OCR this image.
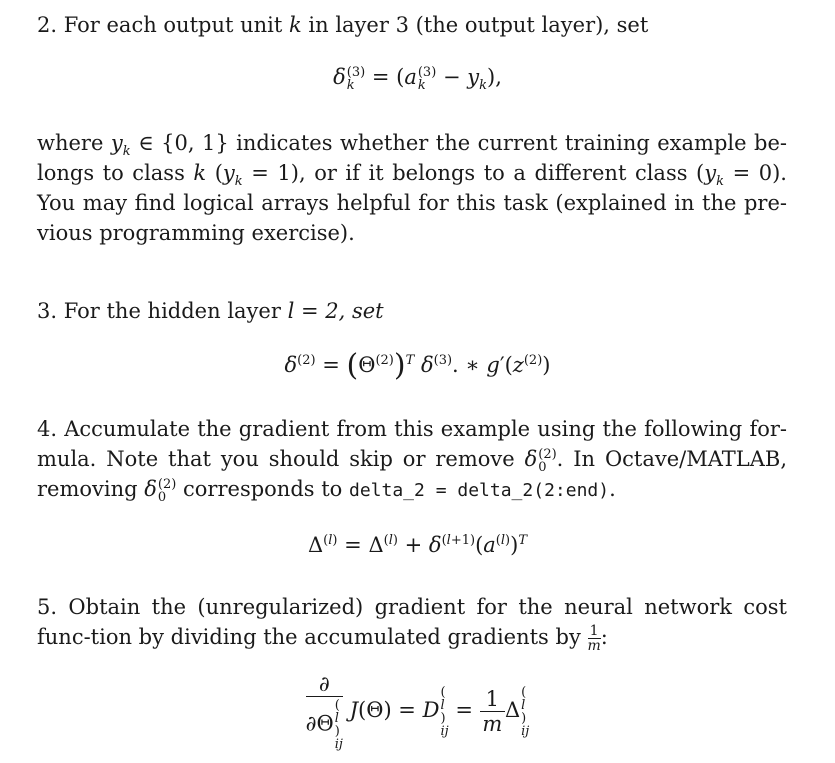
2. For each output unit k in layer 3 (the output layer), set

δ (3)
k = (a (3)
$k - y_k$),

where $y_k$ ∈ {0, 1} indicates whether the current training example be-longs to class k $(y_k = 1)$, or if it belongs to a different class $(y_k = 0)$. You may find logical arrays helpful for this task (explained in the pre-vious programming exercise).

3. For the hidden layer l = 2, set

$\delta^{(2)} = (\Theta^{(2)})^T$ $\delta^{(3)}$. ∗ $g'(z^{(2)})$

4. Accumulate the gradient from this example using the following for-mula. Note that you should skip or remove δ (2)
0 . In Octave/MATLAB, removing δ (2)
0 corresponds to delta_2 = delta_2(2:end).

$\Delta^{(l)} = \Delta^{(l)} + \delta^{(l+1)}(a^{(l)})^T$

5. Obtain the (unregularized) gradient for the neural network cost func-tion by dividing the accumulated gradients by $\frac{1}{m}$ :

∂
∂Θ
(
l
)
ij J(Θ) = D
(
l
)
ij
= $\frac{1}{m}$ Δ
(
l
)
ij
